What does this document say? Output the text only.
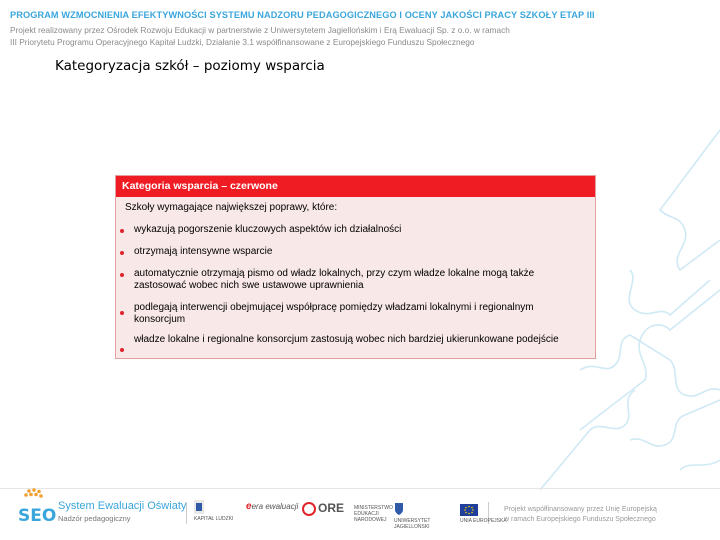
PROGRAM WZMOCNIENIA EFEKTYWNOŚCI SYSTEMU NADZORU PEDAGOGICZNEGO I OCENY JAKOŚCI PRACY SZKOŁY ETAP III
Projekt realizowany przez Ośrodek Rozwoju Edukacji w partnerstwie z Uniwersytetem Jagiellońskim i Erą Ewaluacji Sp. z o.o. w ramach
III Priorytetu Programu Operacyjnego Kapitał Ludzki, Działanie 3.1 współfinansowane z Europejskiego Funduszu Społecznego
Kategoryzacja szkół – poziomy wsparcia
Kategoria wsparcia – czerwone
Szkoły wymagające największej poprawy, które:
wykazują pogorszenie kluczowych aspektów ich działalności
otrzymają intensywne wsparcie
automatycznie otrzymają pismo od władz lokalnych, przy czym władze lokalne mogą także zastosować wobec nich swe ustawowe uprawnienia
podlegają interwencji obejmującej współpracę pomiędzy władzami lokalnymi i regionalnym konsorcjum
władze lokalne i regionalne konsorcjum zastosują wobec nich bardziej ukierunkowane podejście
SEO System Ewaluacji Oświaty
Nadzór pedagogiczny	KAPITAŁ LUDZKI
eera ewaluacji	ORE MINISTERSTWO EDUKACJI NARODOWEJ UNIWERSYTET JAGIELLOŃSKI
UNIA EUROPEJSKA
Projekt współfinansowany przez Unię Europejską
w ramach Europejskiego Funduszu Społecznego
